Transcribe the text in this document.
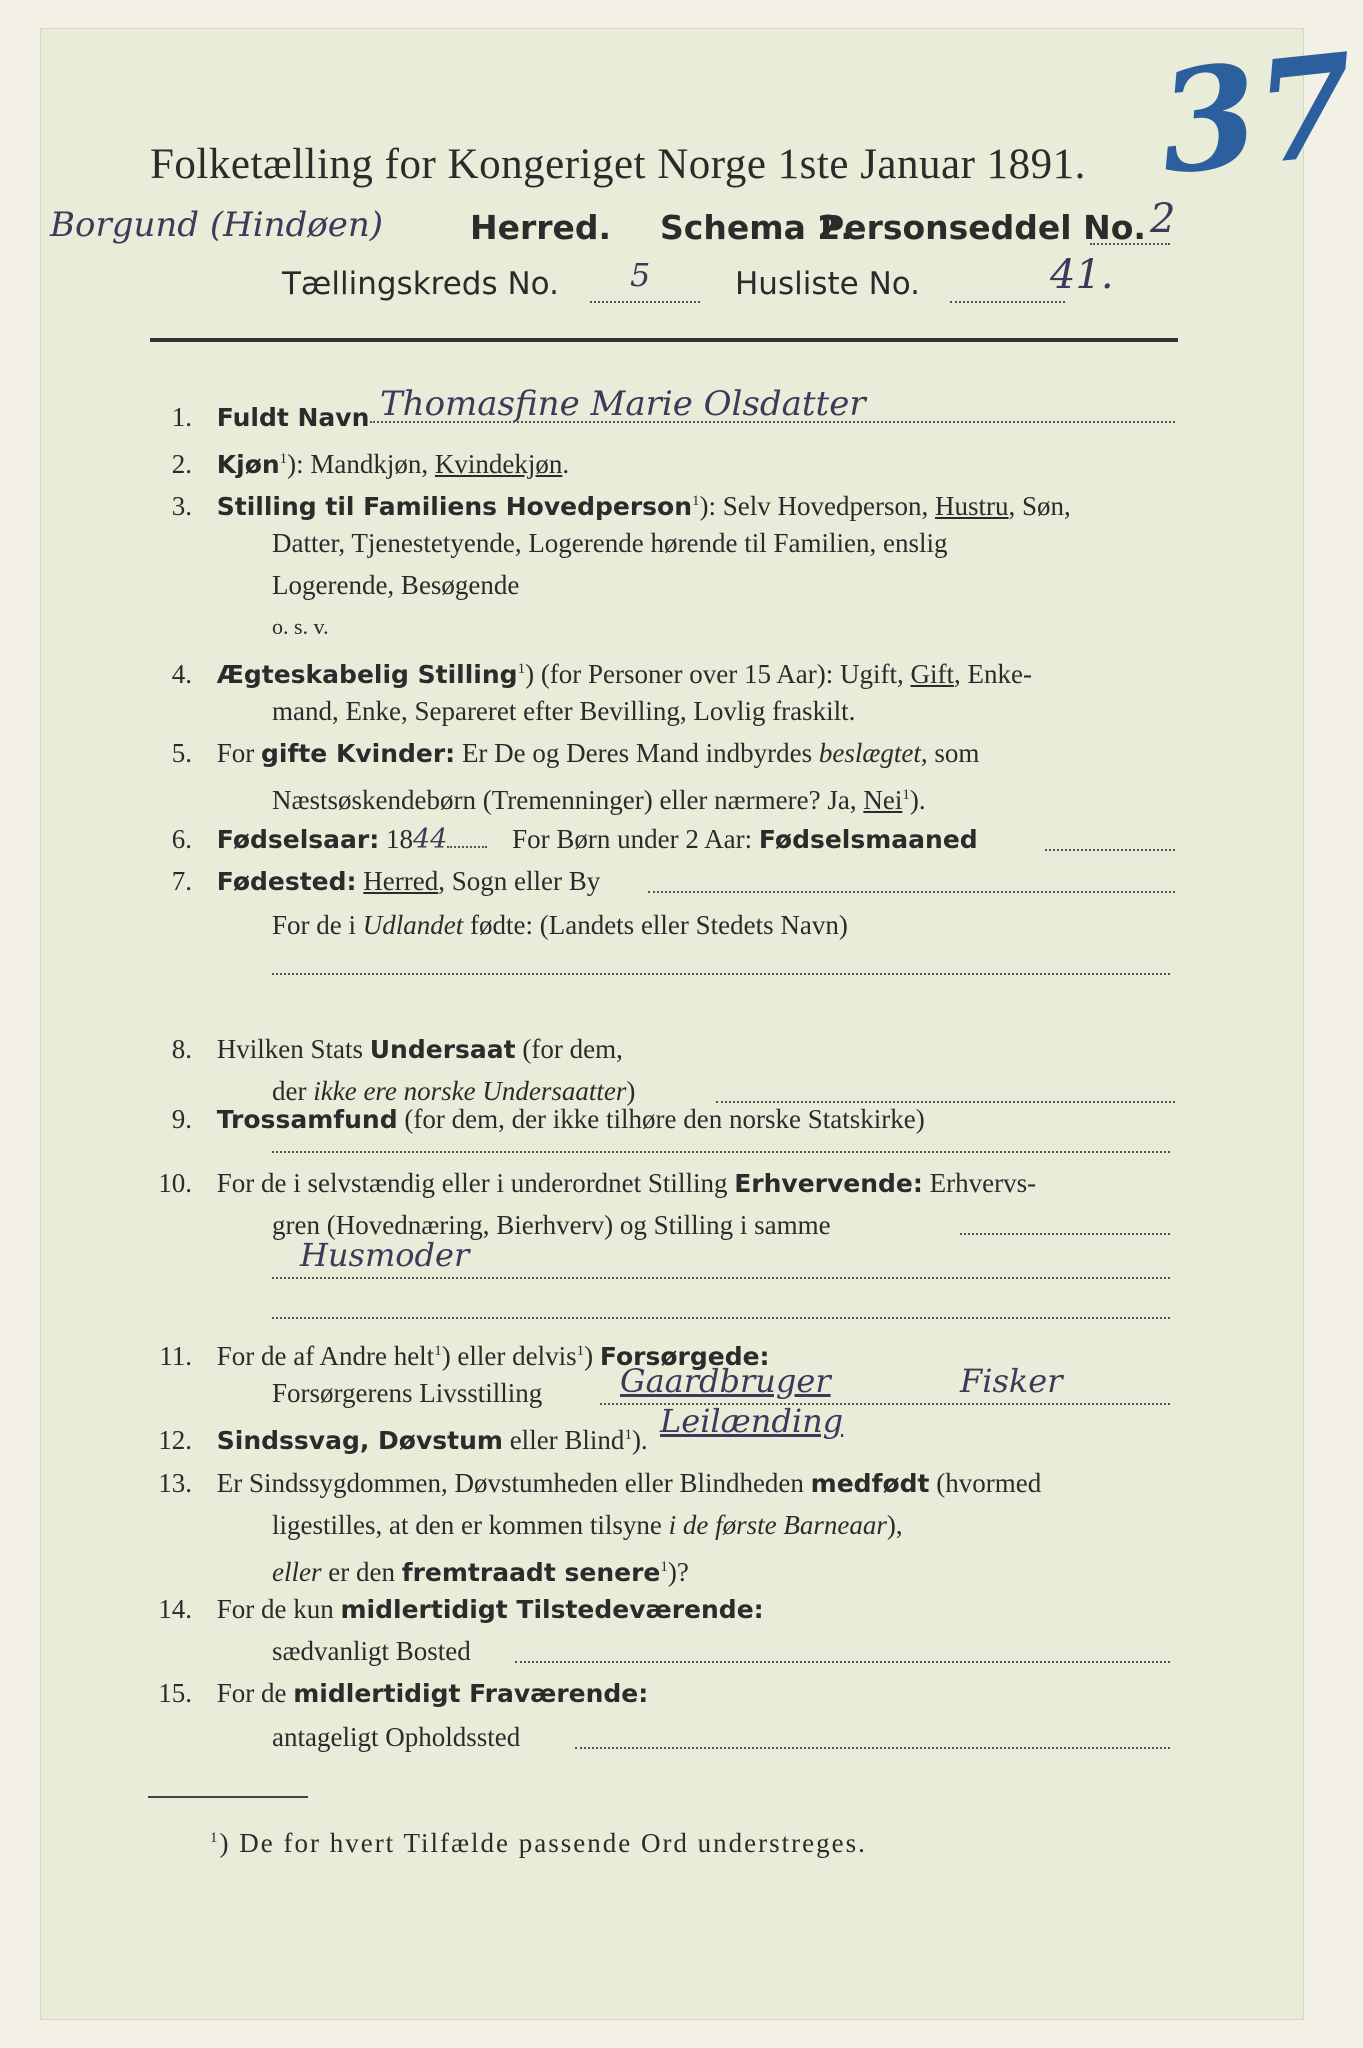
37
Folketælling for Kongeriget Norge 1ste Januar 1891.
Borgund (Hindøen)	Herred. Schema 2.
Personseddel No. 2
Tællingskreds No. 5	Husliste No.	41.
1. Fuldt Navn Thomasfine Marie Olsdatter
2. Kjøn$^1$): Mandkjøn, Kvindekjøn.
3. Stilling til Familiens Hovedperson$^1$): Selv Hovedperson, Hustru, Søn,
Datter, Tjenestetyende, Logerende hørende til Familien, enslig
Logerende, Besøgende
o. s. v.
4. Ægteskabelig Stilling$^1$) (for Personer over 15 Aar): Ugift, Gift, Enke-
mand, Enke, Separeret efter Bevilling, Lovlig fraskilt.
5. For gifte Kvinder: Er De og Deres Mand indbyrdes beslægtet, som
Næstsøskendebørn (Tremenninger) eller nærmere? Ja, Nei$^1$).
6. Fødselsaar: 1844 For Børn under 2 Aar: Fødselsmaaned
7. Fødested: Herred, Sogn eller By
For de i Udlandet fødte: (Landets eller Stedets Navn)
8. Hvilken Stats Undersaat (for dem,
der ikke ere norske Undersaatter)
9. Trossamfund (for dem, der ikke tilhøre den norske Statskirke)
10. For de i selvstændig eller i underordnet Stilling Erhvervende: Erhvervs-
gren (Hovednæring, Bierhverv) og Stilling i samme
Husmoder
11. For de af Andre helt$^1$) eller delvis$^1$) Forsørgede:
Forsørgerens Livsstilling Gaardbruger	Fisker
12. Sindssvag, Døvstum eller Blind$^1$). Leilænding
13. Er Sindssygdommen, Døvstumheden eller Blindheden medfødt (hvormed
ligestilles, at den er kommen tilsyne i de første Barneaar),
eller er den fremtraadt senere$^1$)?
14. For de kun midlertidigt Tilstedeværende:
sædvanligt Bosted
15. For de midlertidigt Fraværende:
antageligt Opholdssted
$^1$) De for hvert Tilfælde passende Ord understreges.
